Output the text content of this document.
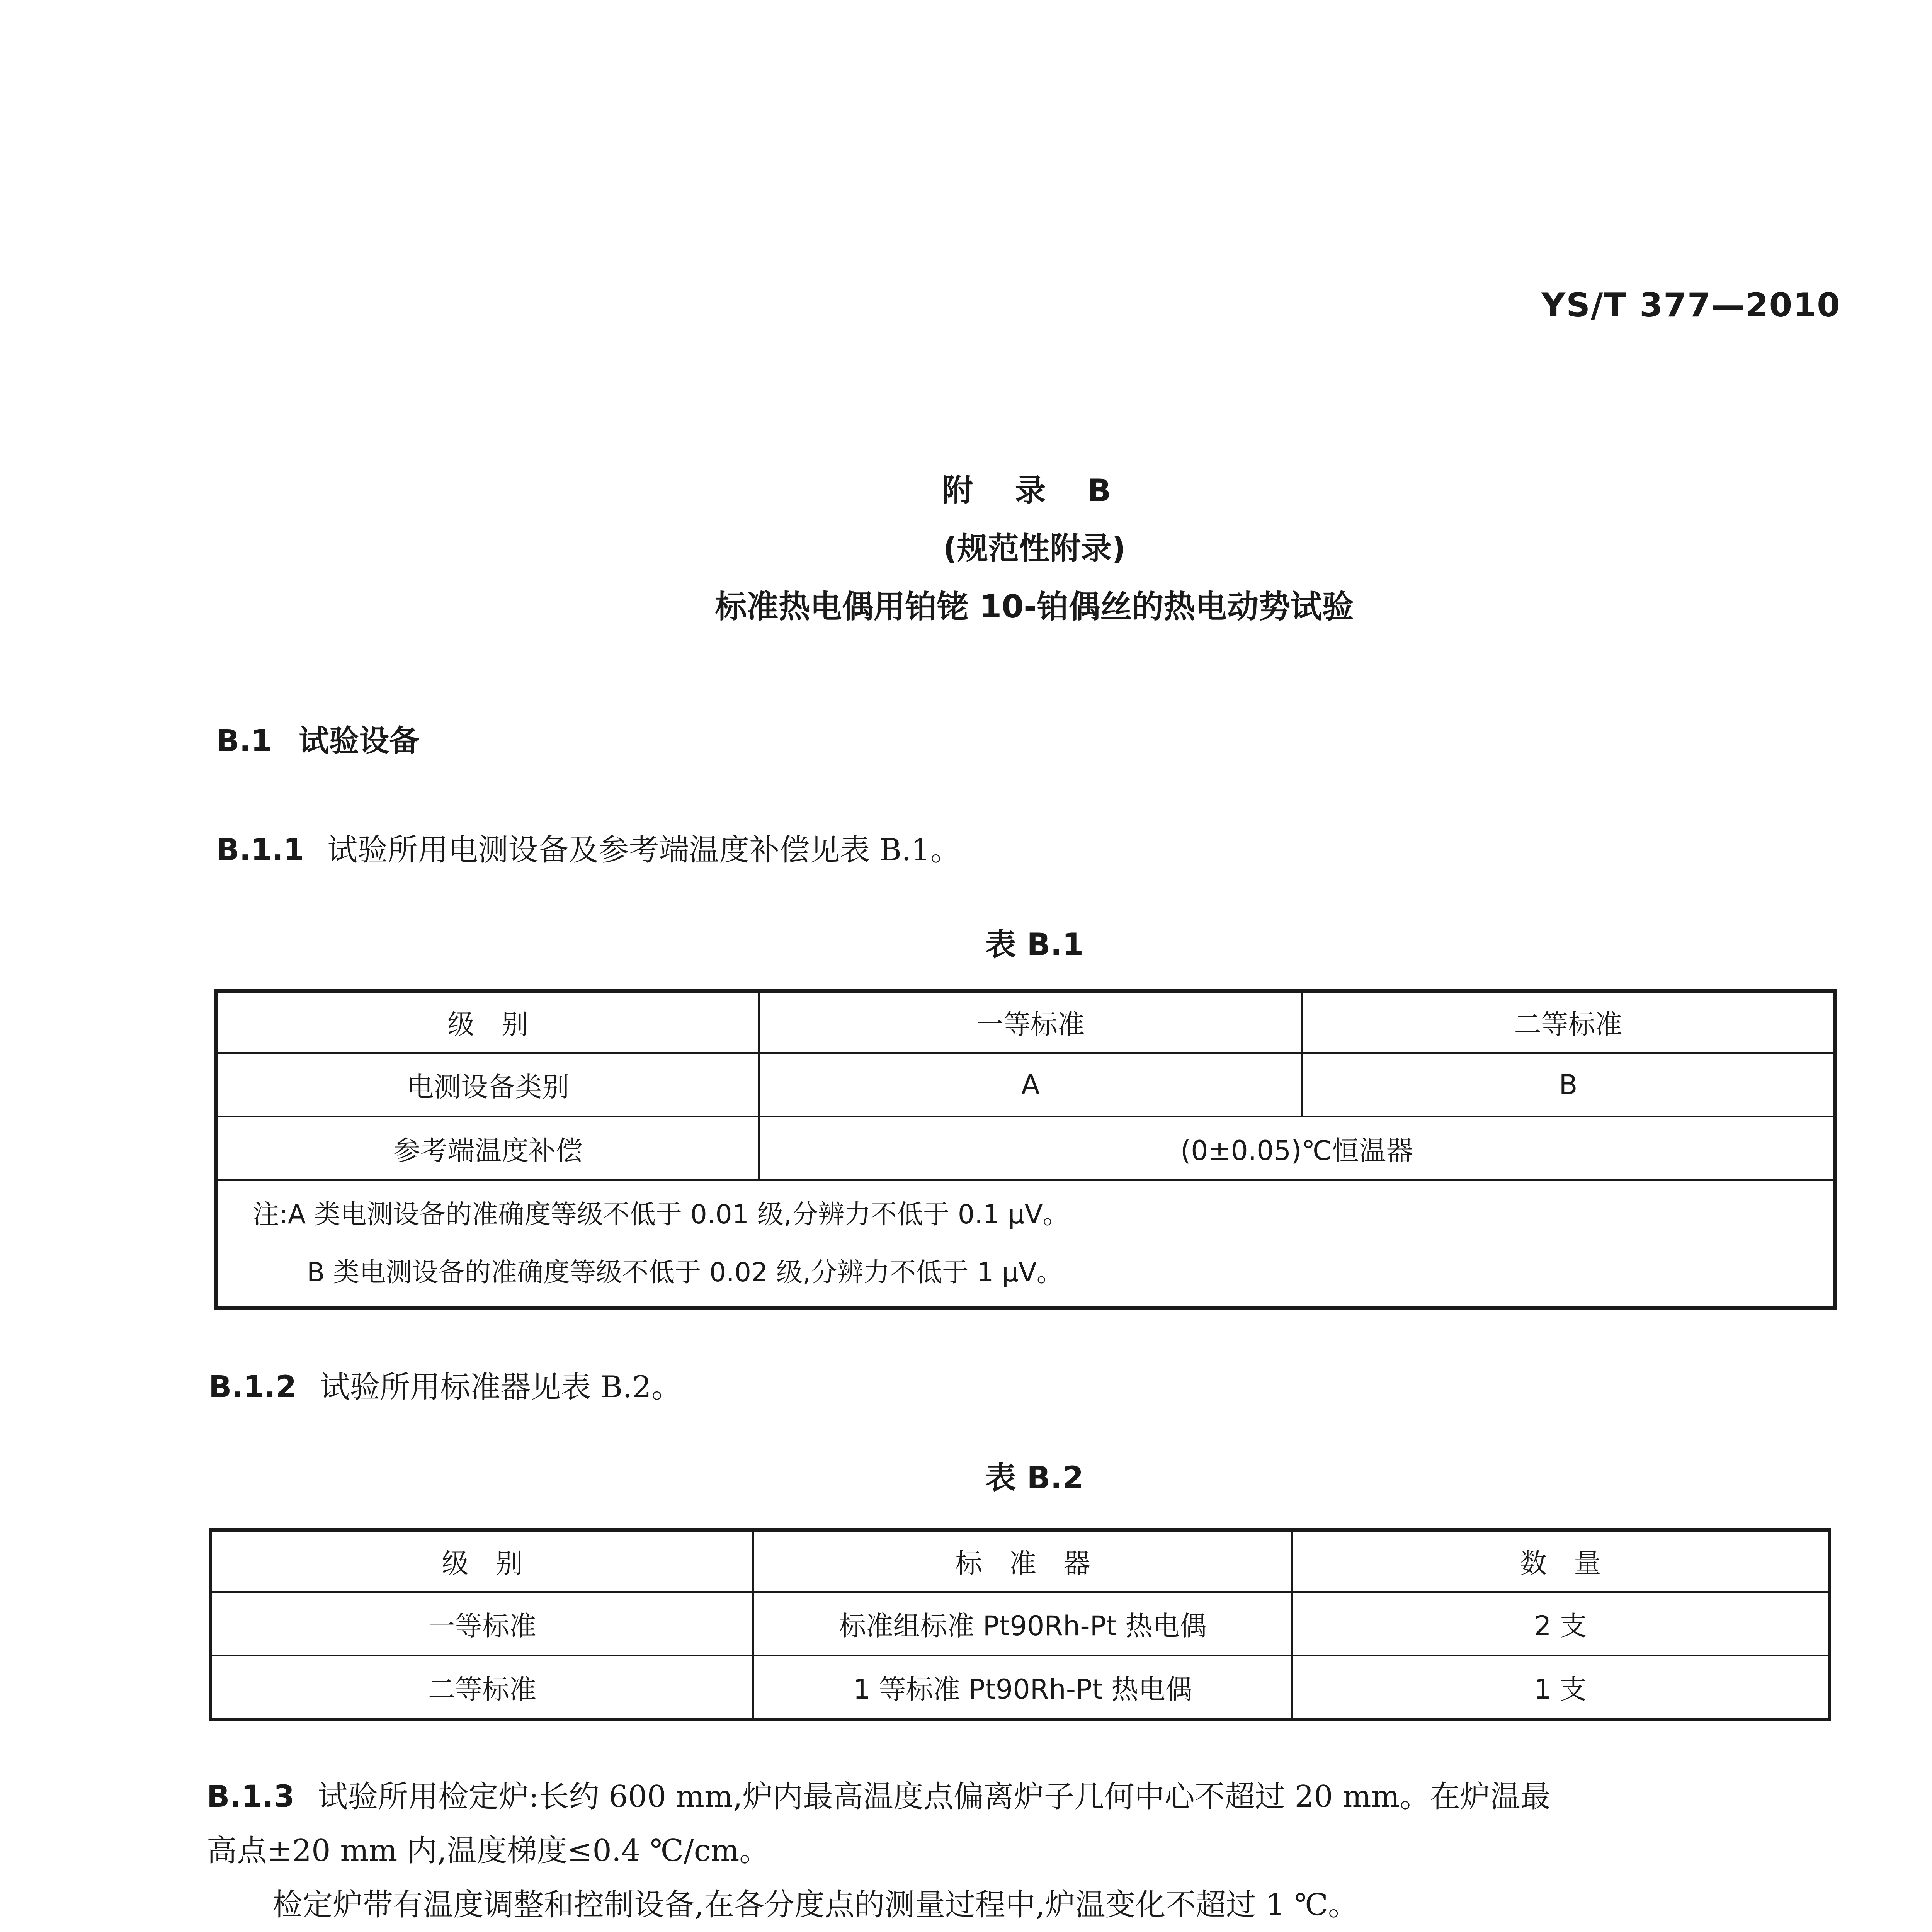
YS/T 377—2010
附 录 B
(规范性附录)
标准热电偶用铂铑 10-铂偶丝的热电动势试验
B.1 试验设备
B.1.1 试验所用电测设备及参考端温度补偿见表 B.1。
表 B.1
级　别	一等标准	二等标准
电测设备类别	A	B
参考端温度补偿	(0±0.05)℃恒温器	

注:A 类电测设备的准确度等级不低于 0.01 级,分辨力不低于 0.1 μV。
B 类电测设备的准确度等级不低于 0.02 级,分辨力不低于 1 μV。		
B.1.2 试验所用标准器见表 B.2。
表 B.2
级　别	标　准　器	数　量
一等标准	标准组标准 Pt90Rh-Pt 热电偶	2 支
二等标准	1 等标准 Pt90Rh-Pt 热电偶	1 支
B.1.3 试验所用检定炉:长约 600 mm,炉内最高温度点偏离炉子几何中心不超过 20 mm。在炉温最
高点±20 mm 内,温度梯度≤0.4 ℃/cm。
检定炉带有温度调整和控制设备,在各分度点的测量过程中,炉温变化不超过 1 ℃。
